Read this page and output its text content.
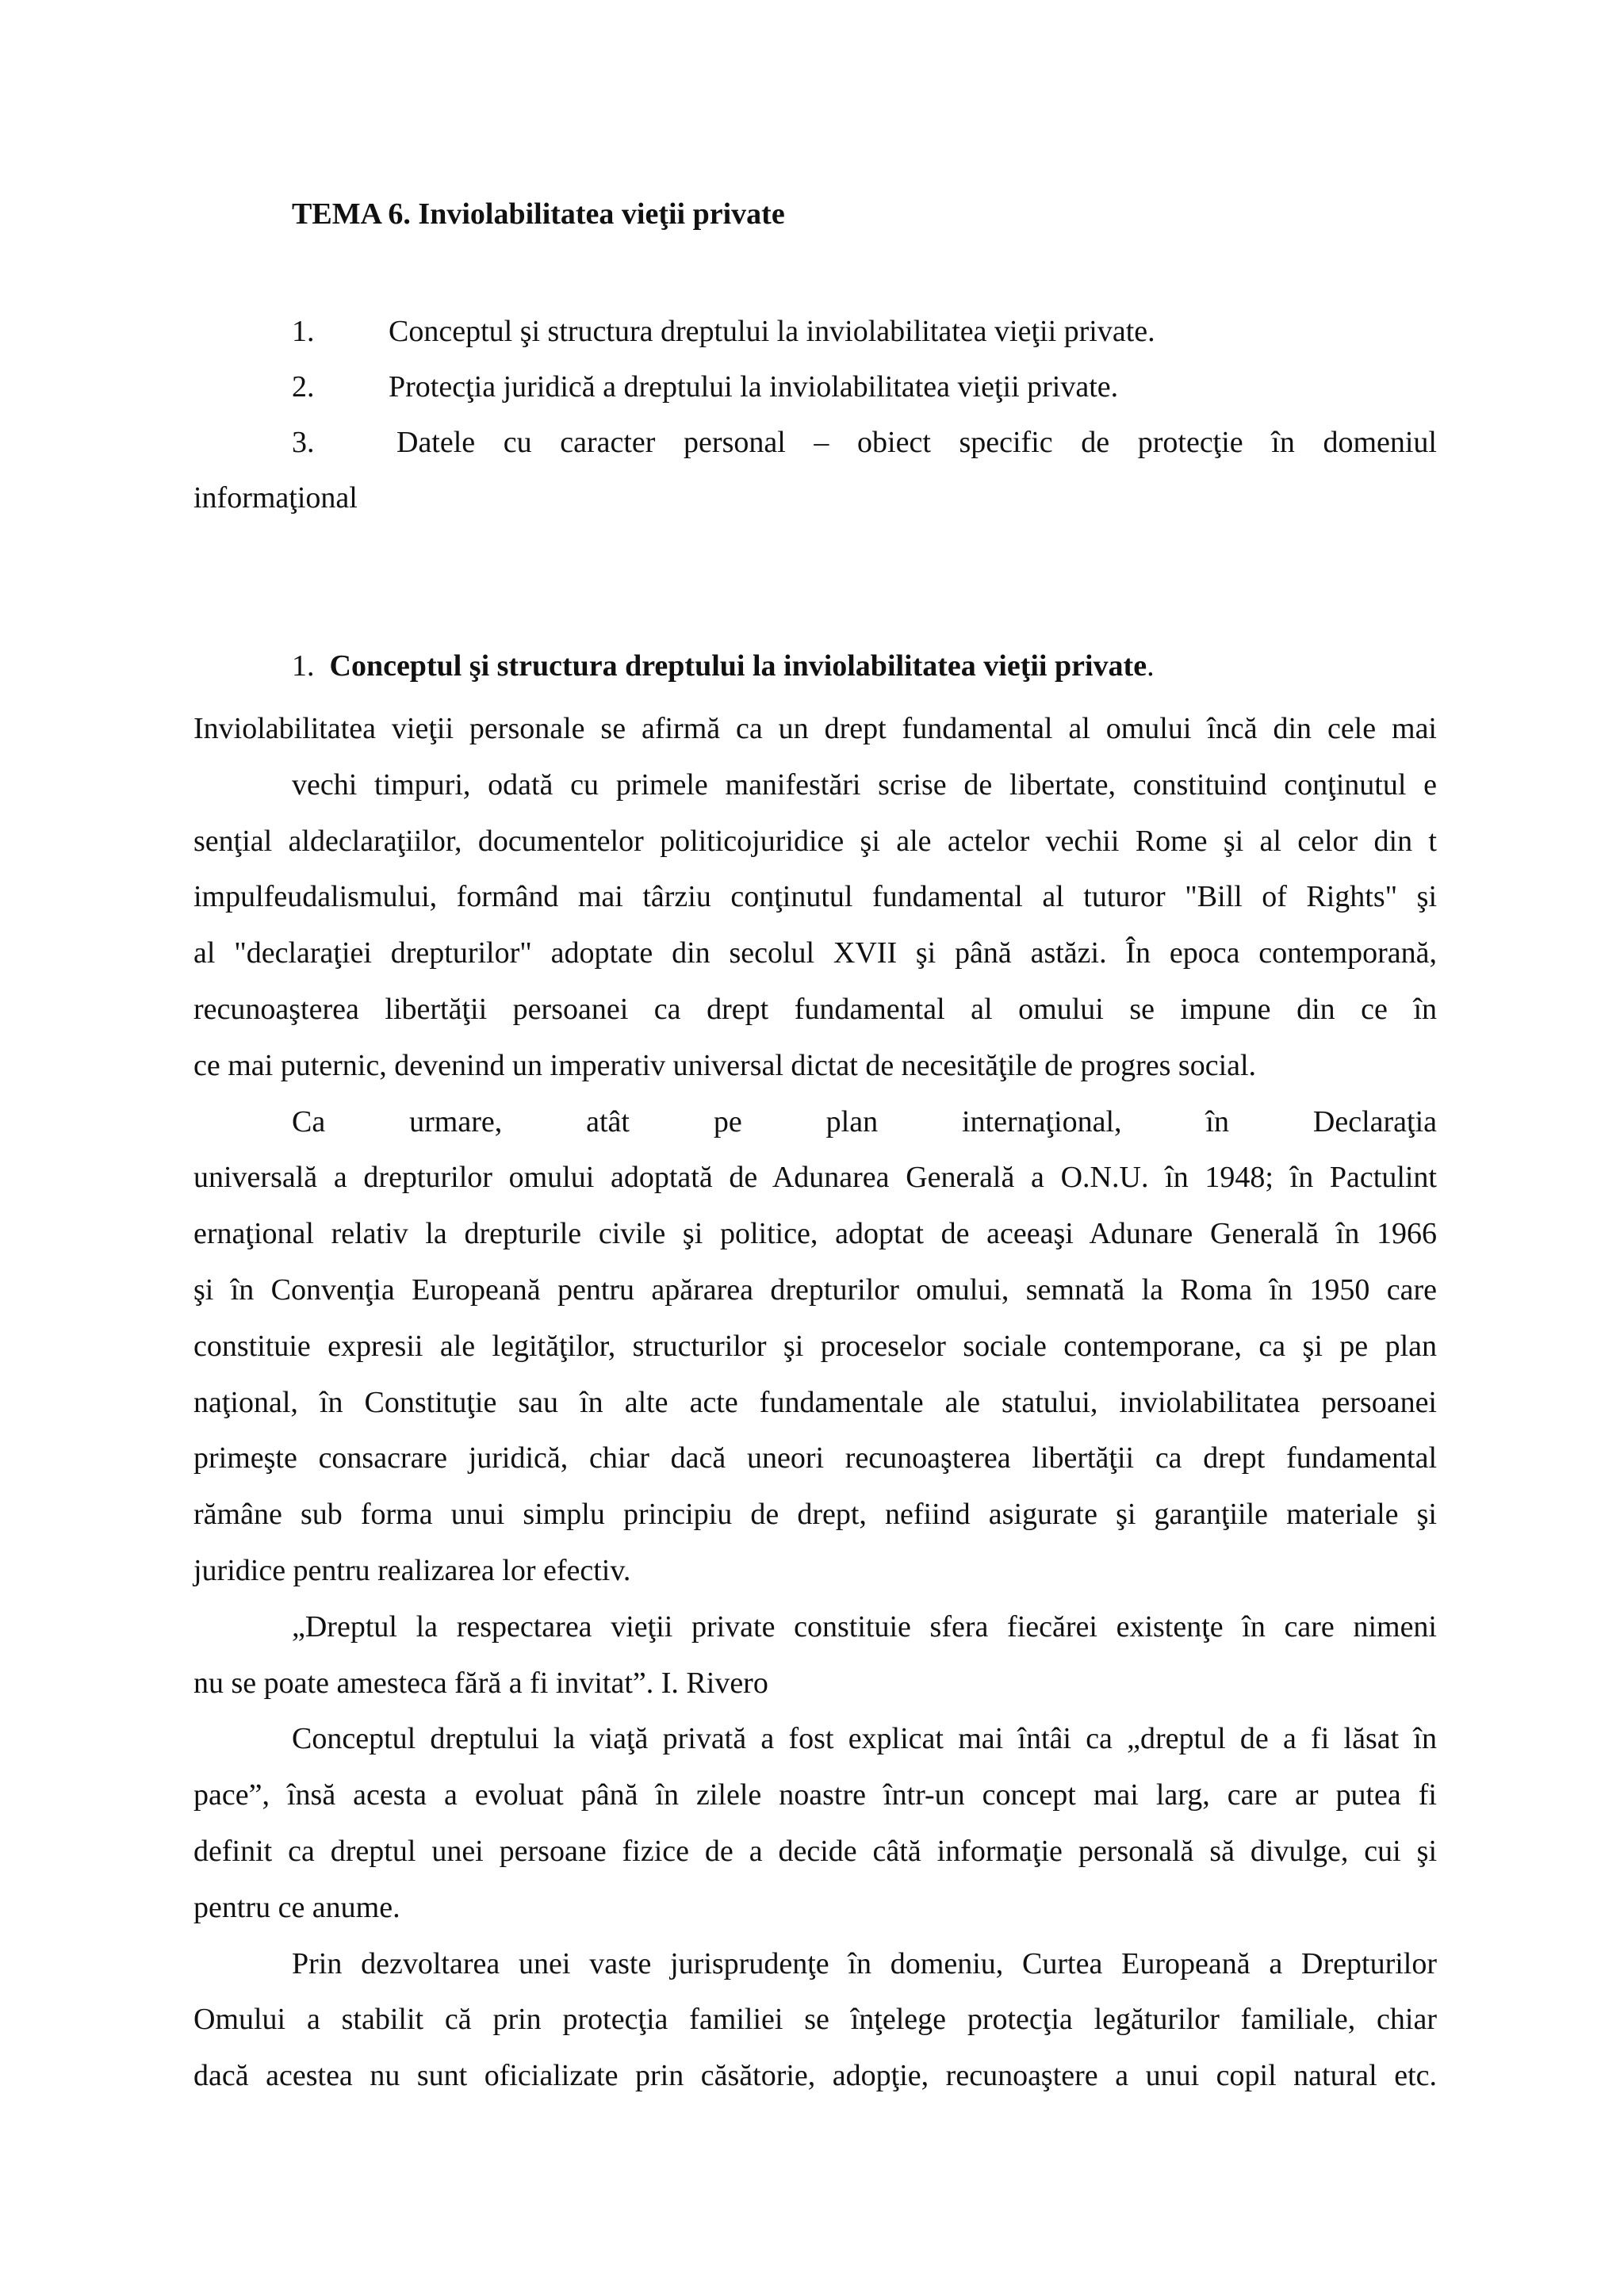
TEMA 6. Inviolabilitatea vieţii private
1. Conceptul şi structura dreptului la inviolabilitatea vieţii private.
2. Protecţia juridică a dreptului la inviolabilitatea vieţii private.
3.	Datele cu caracter personal – obiect specific de protecţie în domeniul
informaţional
1. Conceptul şi structura dreptului la inviolabilitatea vieţii private.
Inviolabilitatea vieţii personale se afirmă ca un drept fundamental al omului încă din cele mai
vechi timpuri, odată cu primele manifestări scrise de libertate, constituind conţinutul e
senţial aldeclaraţiilor, documentelor politicojuridice şi ale actelor vechii Rome şi al celor din t
impulfeudalismului, formând mai târziu conţinutul fundamental al tuturor "Bill of Rights" şi
al "declaraţiei drepturilor" adoptate din secolul XVII şi până astăzi. În epoca contemporană,
recunoaşterea libertăţii persoanei ca drept fundamental al omului se impune din ce în
ce mai puternic, devenind un imperativ universal dictat de necesităţile de progres social.
Ca urmare, atât pe plan internaţional, în Declaraţia
universală a drepturilor omului adoptată de Adunarea Generală a O.N.U. în 1948; în Pactulint
ernaţional relativ la drepturile civile şi politice, adoptat de aceeaşi Adunare Generală în 1966
şi în Convenţia Europeană pentru apărarea drepturilor omului, semnată la Roma în 1950 care
constituie expresii ale legităţilor, structurilor şi proceselor sociale contemporane, ca şi pe plan
naţional, în Constituţie sau în alte acte fundamentale ale statului, inviolabilitatea persoanei
primeşte consacrare juridică, chiar dacă uneori recunoaşterea libertăţii ca drept fundamental
rămâne sub forma unui simplu principiu de drept, nefiind asigurate şi garanţiile materiale şi
juridice pentru realizarea lor efectiv.
„Dreptul la respectarea vieţii private constituie sfera fiecărei existenţe în care nimeni
nu se poate amesteca fără a fi invitat”. I. Rivero
Conceptul dreptului la viaţă privată a fost explicat mai întâi ca „dreptul de a fi lăsat în
pace”, însă acesta a evoluat până în zilele noastre într-un concept mai larg, care ar putea fi
definit ca dreptul unei persoane fizice de a decide câtă informaţie personală să divulge, cui şi
pentru ce anume.
Prin dezvoltarea unei vaste jurisprudenţe în domeniu, Curtea Europeană a Drepturilor
Omului a stabilit că prin protecţia familiei se înţelege protecţia legăturilor familiale, chiar
dacă acestea nu sunt oficializate prin căsătorie, adopţie, recunoaştere a unui copil natural etc.
